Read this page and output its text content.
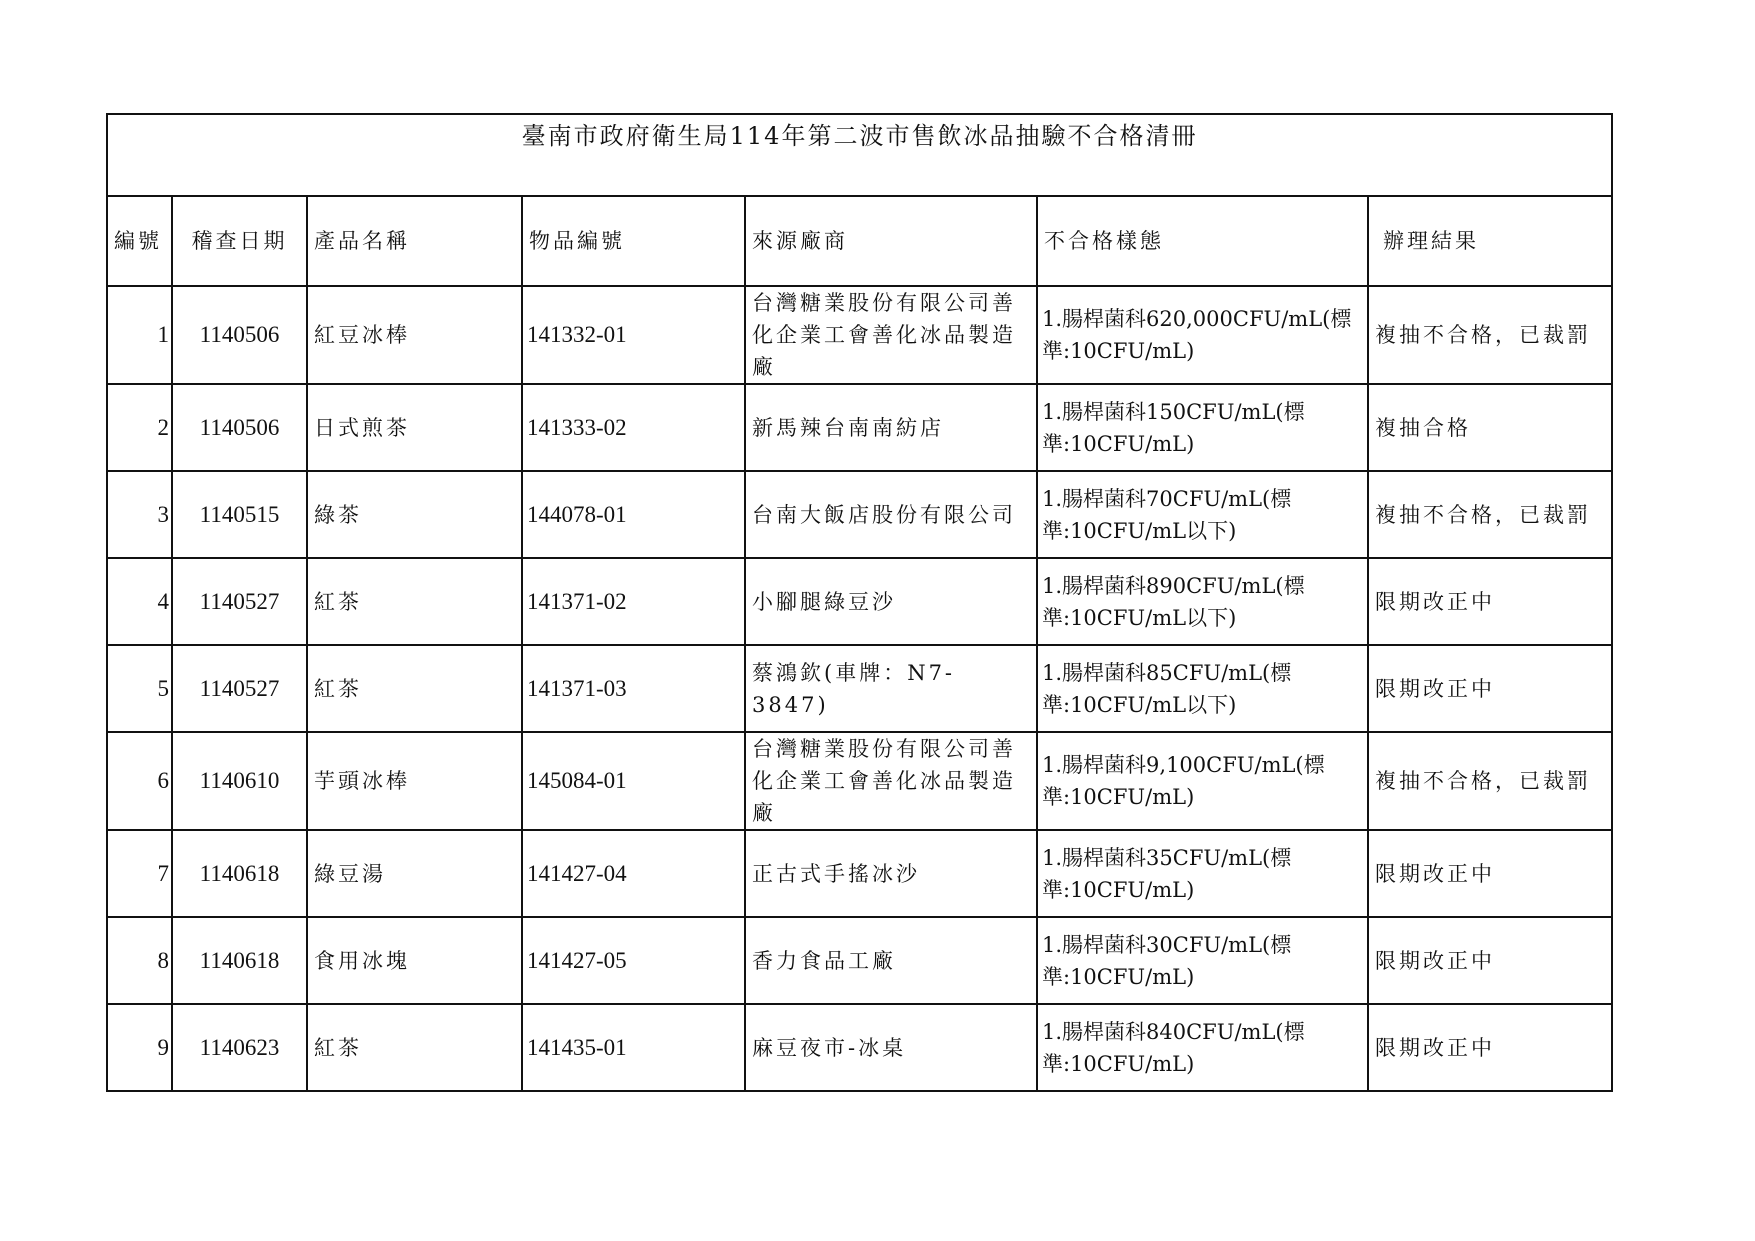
臺南市政府衛生局114年第二波市售飲冰品抽驗不合格清冊						
編號	稽查日期	產品名稱	物品編號	來源廠商	不合格樣態	辦理結果
1	1140506	紅豆冰棒	141332-01	台灣糖業股份有限公司善化企業工會善化冰品製造廠	1.腸桿菌科620,000CFU/mL(標準:10CFU/mL)	複抽不合格，已裁罰
2	1140506	日式煎茶	141333-02	新馬辣台南南紡店	1.腸桿菌科150CFU/mL(標準:10CFU/mL)	複抽合格
3	1140515	綠茶	144078-01	台南大飯店股份有限公司	1.腸桿菌科70CFU/mL(標準:10CFU/mL以下)	複抽不合格，已裁罰
4	1140527	紅茶	141371-02	小腳腿綠豆沙	1.腸桿菌科890CFU/mL(標準:10CFU/mL以下)	限期改正中
5	1140527	紅茶	141371-03	蔡鴻欽(車牌：N7-3847)	1.腸桿菌科85CFU/mL(標準:10CFU/mL以下)	限期改正中
6	1140610	芋頭冰棒	145084-01	台灣糖業股份有限公司善化企業工會善化冰品製造廠	1.腸桿菌科9,100CFU/mL(標準:10CFU/mL)	複抽不合格，已裁罰
7	1140618	綠豆湯	141427-04	正古式手搖冰沙	1.腸桿菌科35CFU/mL(標準:10CFU/mL)	限期改正中
8	1140618	食用冰塊	141427-05	香力食品工廠	1.腸桿菌科30CFU/mL(標準:10CFU/mL)	限期改正中
9	1140623	紅茶	141435-01	麻豆夜市-冰桌	1.腸桿菌科840CFU/mL(標準:10CFU/mL)	限期改正中
